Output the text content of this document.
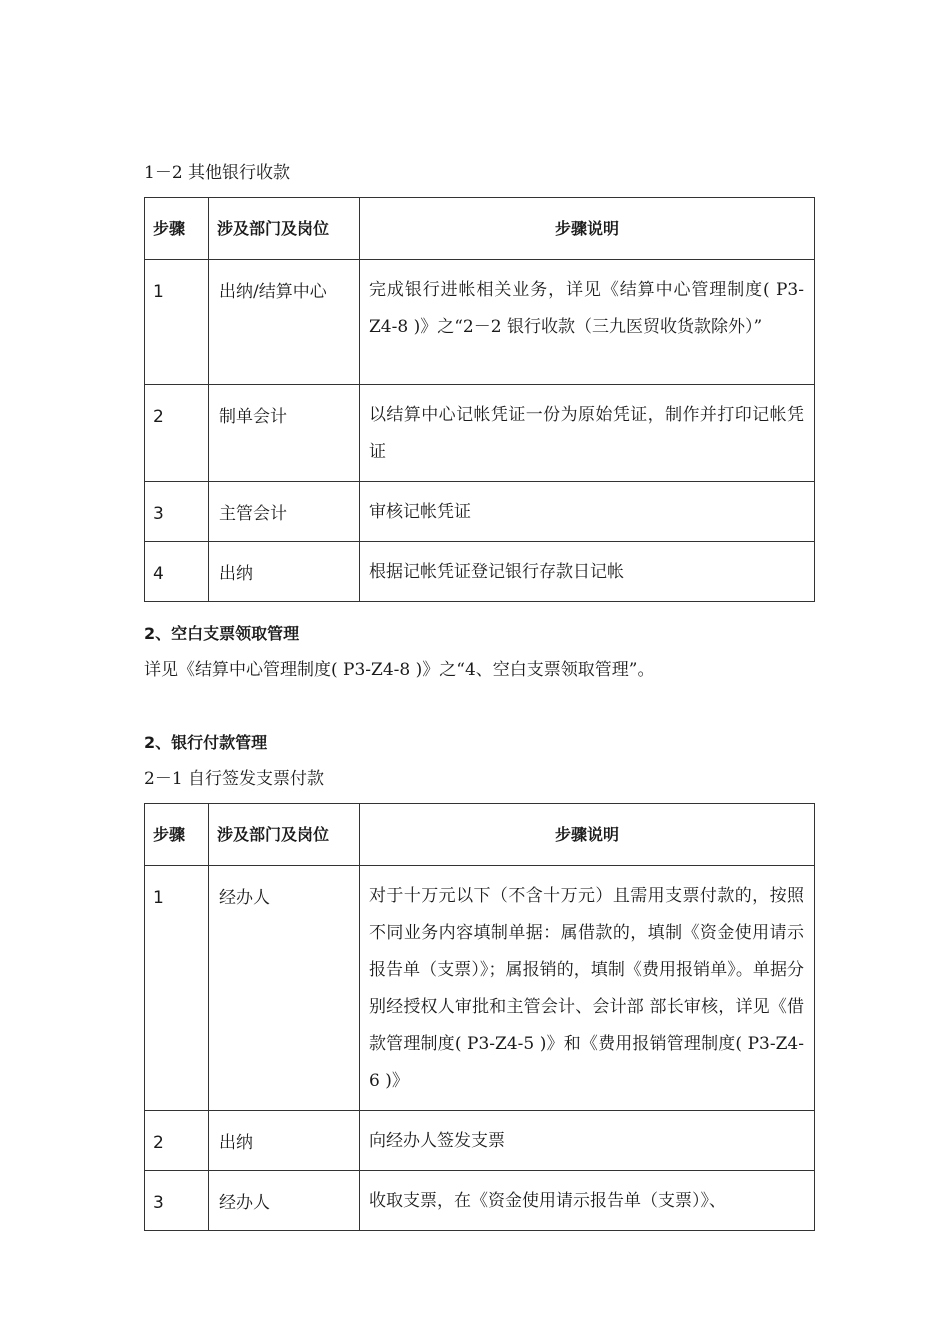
1－2 其他银行收款
步骤	涉及部门及岗位	步骤说明
1	出纳/结算中心	完成银行进帐相关业务，详见《结算中心管理制度( P3-Z4-8 )》之“2－2 银行收款（三九医贸收货款除外）”
2	制单会计	以结算中心记帐凭证一份为原始凭证，制作并打印记帐凭证
3	主管会计	审核记帐凭证
4	出纳	根据记帐凭证登记银行存款日记帐
2、空白支票领取管理
详见《结算中心管理制度( P3-Z4-8 )》之“4、空白支票领取管理”。
2、银行付款管理
2－1 自行签发支票付款
步骤	涉及部门及岗位	步骤说明
1	经办人	对于十万元以下（不含十万元）且需用支票付款的，按照不同业务内容填制单据：属借款的，填制《资金使用请示报告单（支票）》；属报销的，填制《费用报销单》。单据分别经授权人审批和主管会计、会计部 部长审核，详见《借款管理制度( P3-Z4-5 )》和《费用报销管理制度( P3-Z4-6 )》
2	出纳	向经办人签发支票
3	经办人	收取支票，在《资金使用请示报告单（支票）》、
